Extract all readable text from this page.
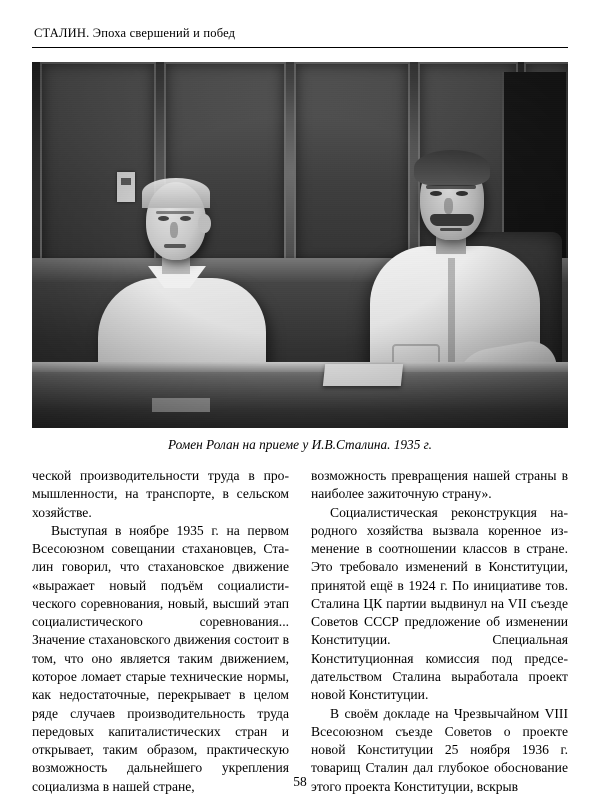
СТАЛИН. Эпоха свершений и побед
Ромен Ролан на приеме у И.В.Сталина. 1935 г.

ческой производительности труда в промышленности, на транспорте, в сельском хозяйстве.

Выступая в ноябре 1935 г. на первом Всесоюзном совещании стахановцев, Сталин говорил, что стахановское движение «выражает новый подъём социалистического соревнования, новый, высший этап социалистического соревнования... Значение стахановского движения состоит в том, что оно является таким движением, которое ломает старые технические нормы, как недостаточные, перекрывает в целом ряде случаев производительность труда передовых капиталистических стран и открывает, таким образом, практическую возможность дальнейшего укрепления социализма в нашей стране,

возможность превращения нашей страны в наиболее зажиточную страну».

Социалистическая реконструкция народного хозяйства вызвала коренное изменение в соотношении классов в стране. Это требовало изменений в Конституции, принятой ещё в 1924 г. По инициативе тов. Сталина ЦК партии выдвинул на VII съезде Советов СССР предложение об изменении Конституции. Специальная Конституционная комиссия под председательством Сталина выработала проект новой Конституции.

В своём докладе на Чрезвычайном VIII Всесоюзном съезде Советов о проекте новой Конституции 25 ноября 1936 г. товарищ Сталин дал глубокое обоснование этого проекта Конституции, вскрыв

58
